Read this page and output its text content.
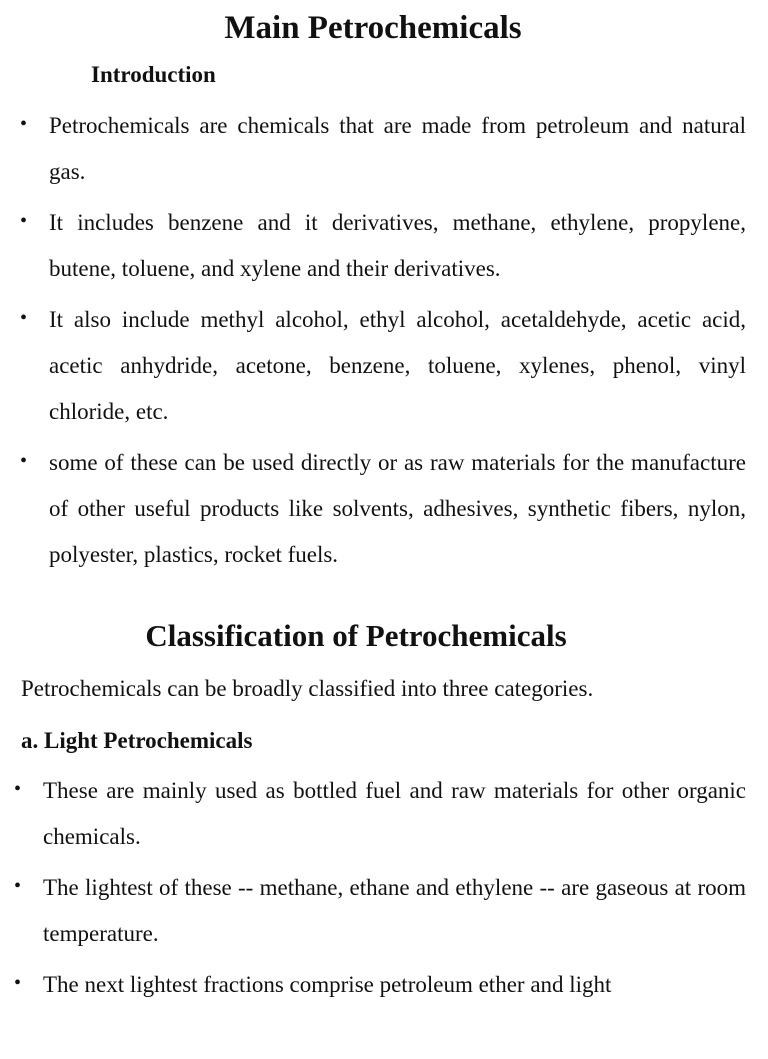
Main Petrochemicals
Introduction
• Petrochemicals are chemicals that are made from petroleum and natural gas.
• It includes benzene and it derivatives, methane, ethylene, propylene, butene, toluene, and xylene and their derivatives.
• It also include methyl alcohol, ethyl alcohol, acetaldehyde, acetic acid, acetic anhydride, acetone, benzene, toluene, xylenes, phenol, vinyl chloride, etc.
• some of these can be used directly or as raw materials for the manufacture of other useful products like solvents, adhesives, synthetic fibers, nylon, polyester, plastics, rocket fuels.
Classification of Petrochemicals

Petrochemicals can be broadly classified into three categories.

a. Light Petrochemicals
• These are mainly used as bottled fuel and raw materials for other organic chemicals.
• The lightest of these -- methane, ethane and ethylene -- are gaseous at room temperature.
• The next lightest fractions comprise petroleum ether and light
